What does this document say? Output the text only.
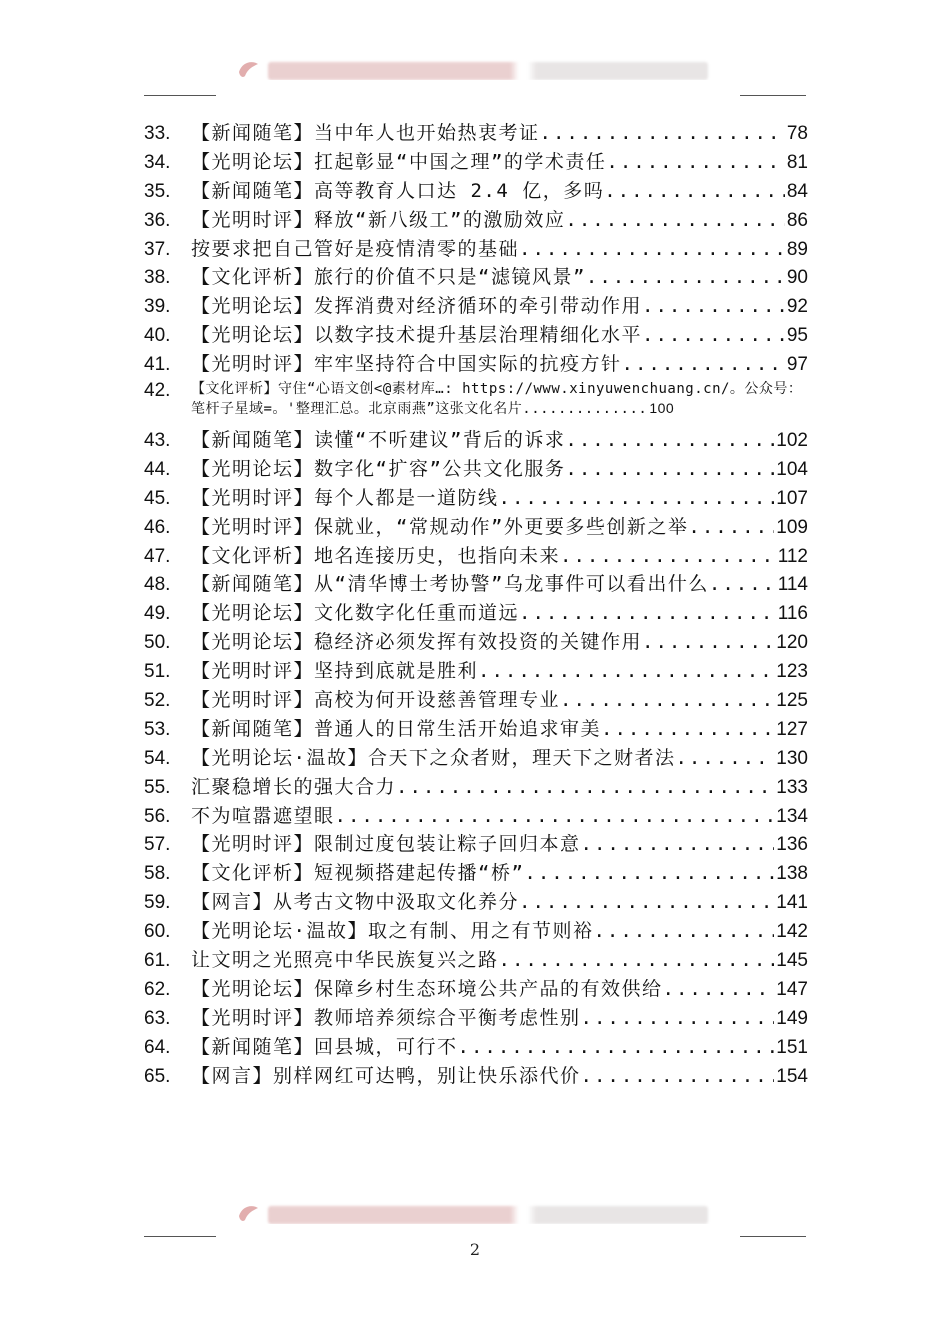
33.	【新闻随笔】当中年人也开始热衷考证 .....	78
34.	【光明论坛】扛起彰显“中国之理”的学术责任 .....	81
35.	【新闻随笔】高等教育人口达 2.4 亿，多吗 .....	84
36.	【光明时评】释放“新八级工”的激励效应 .....	86
37.	按要求把自己管好是疫情清零的基础 .....	89
38.	【文化评析】旅行的价值不只是“滤镜风景” .....	90
39.	【光明论坛】发挥消费对经济循环的牵引带动作用 .....	92
40.	【光明论坛】以数字技术提升基层治理精细化水平 .....	95
41.	【光明时评】牢牢坚持符合中国实际的抗疫方针 .....	97
42. 【文化评析】守住“心语文创<@素材库…: https://www.xinyuwenchuang.cn/。公众号：笔杆子星域=。'整理汇总。北京雨燕”这张文化名片.............. 100
43.	【新闻随笔】读懂“不听建议”背后的诉求 .....	102
44.	【光明论坛】数字化“扩容”公共文化服务 .....	104
45.	【光明时评】每个人都是一道防线 .....	107
46.	【光明时评】保就业，“常规动作”外更要多些创新之举 .....	109
47.	【文化评析】地名连接历史，也指向未来 .....	112
48.	【新闻随笔】从“清华博士考协警”乌龙事件可以看出什么 .....	114
49.	【光明论坛】文化数字化任重而道远 .....	116
50.	【光明论坛】稳经济必须发挥有效投资的关键作用 .....	120
51.	【光明时评】坚持到底就是胜利 .....	123
52.	【光明时评】高校为何开设慈善管理专业 .....	125
53.	【新闻随笔】普通人的日常生活开始追求审美 .....	127
54.	【光明论坛·温故】合天下之众者财，理天下之财者法 .....	130
55.	汇聚稳增长的强大合力 .....	133
56.	不为喧嚣遮望眼 .....	134
57.	【光明时评】限制过度包装让粽子回归本意 .....	136
58.	【文化评析】短视频搭建起传播“桥” .....	138
59.	【网言】从考古文物中汲取文化养分 .....	141
60.	【光明论坛·温故】取之有制、用之有节则裕 .....	142
61.	让文明之光照亮中华民族复兴之路 .....	145
62.	【光明论坛】保障乡村生态环境公共产品的有效供给 .....	147
63.	【光明时评】教师培养须综合平衡考虑性别 .....	149
64.	【新闻随笔】回县城，可行不 .....	151
65.	【网言】别样网红可达鸭，别让快乐添代价 .....	154
2
